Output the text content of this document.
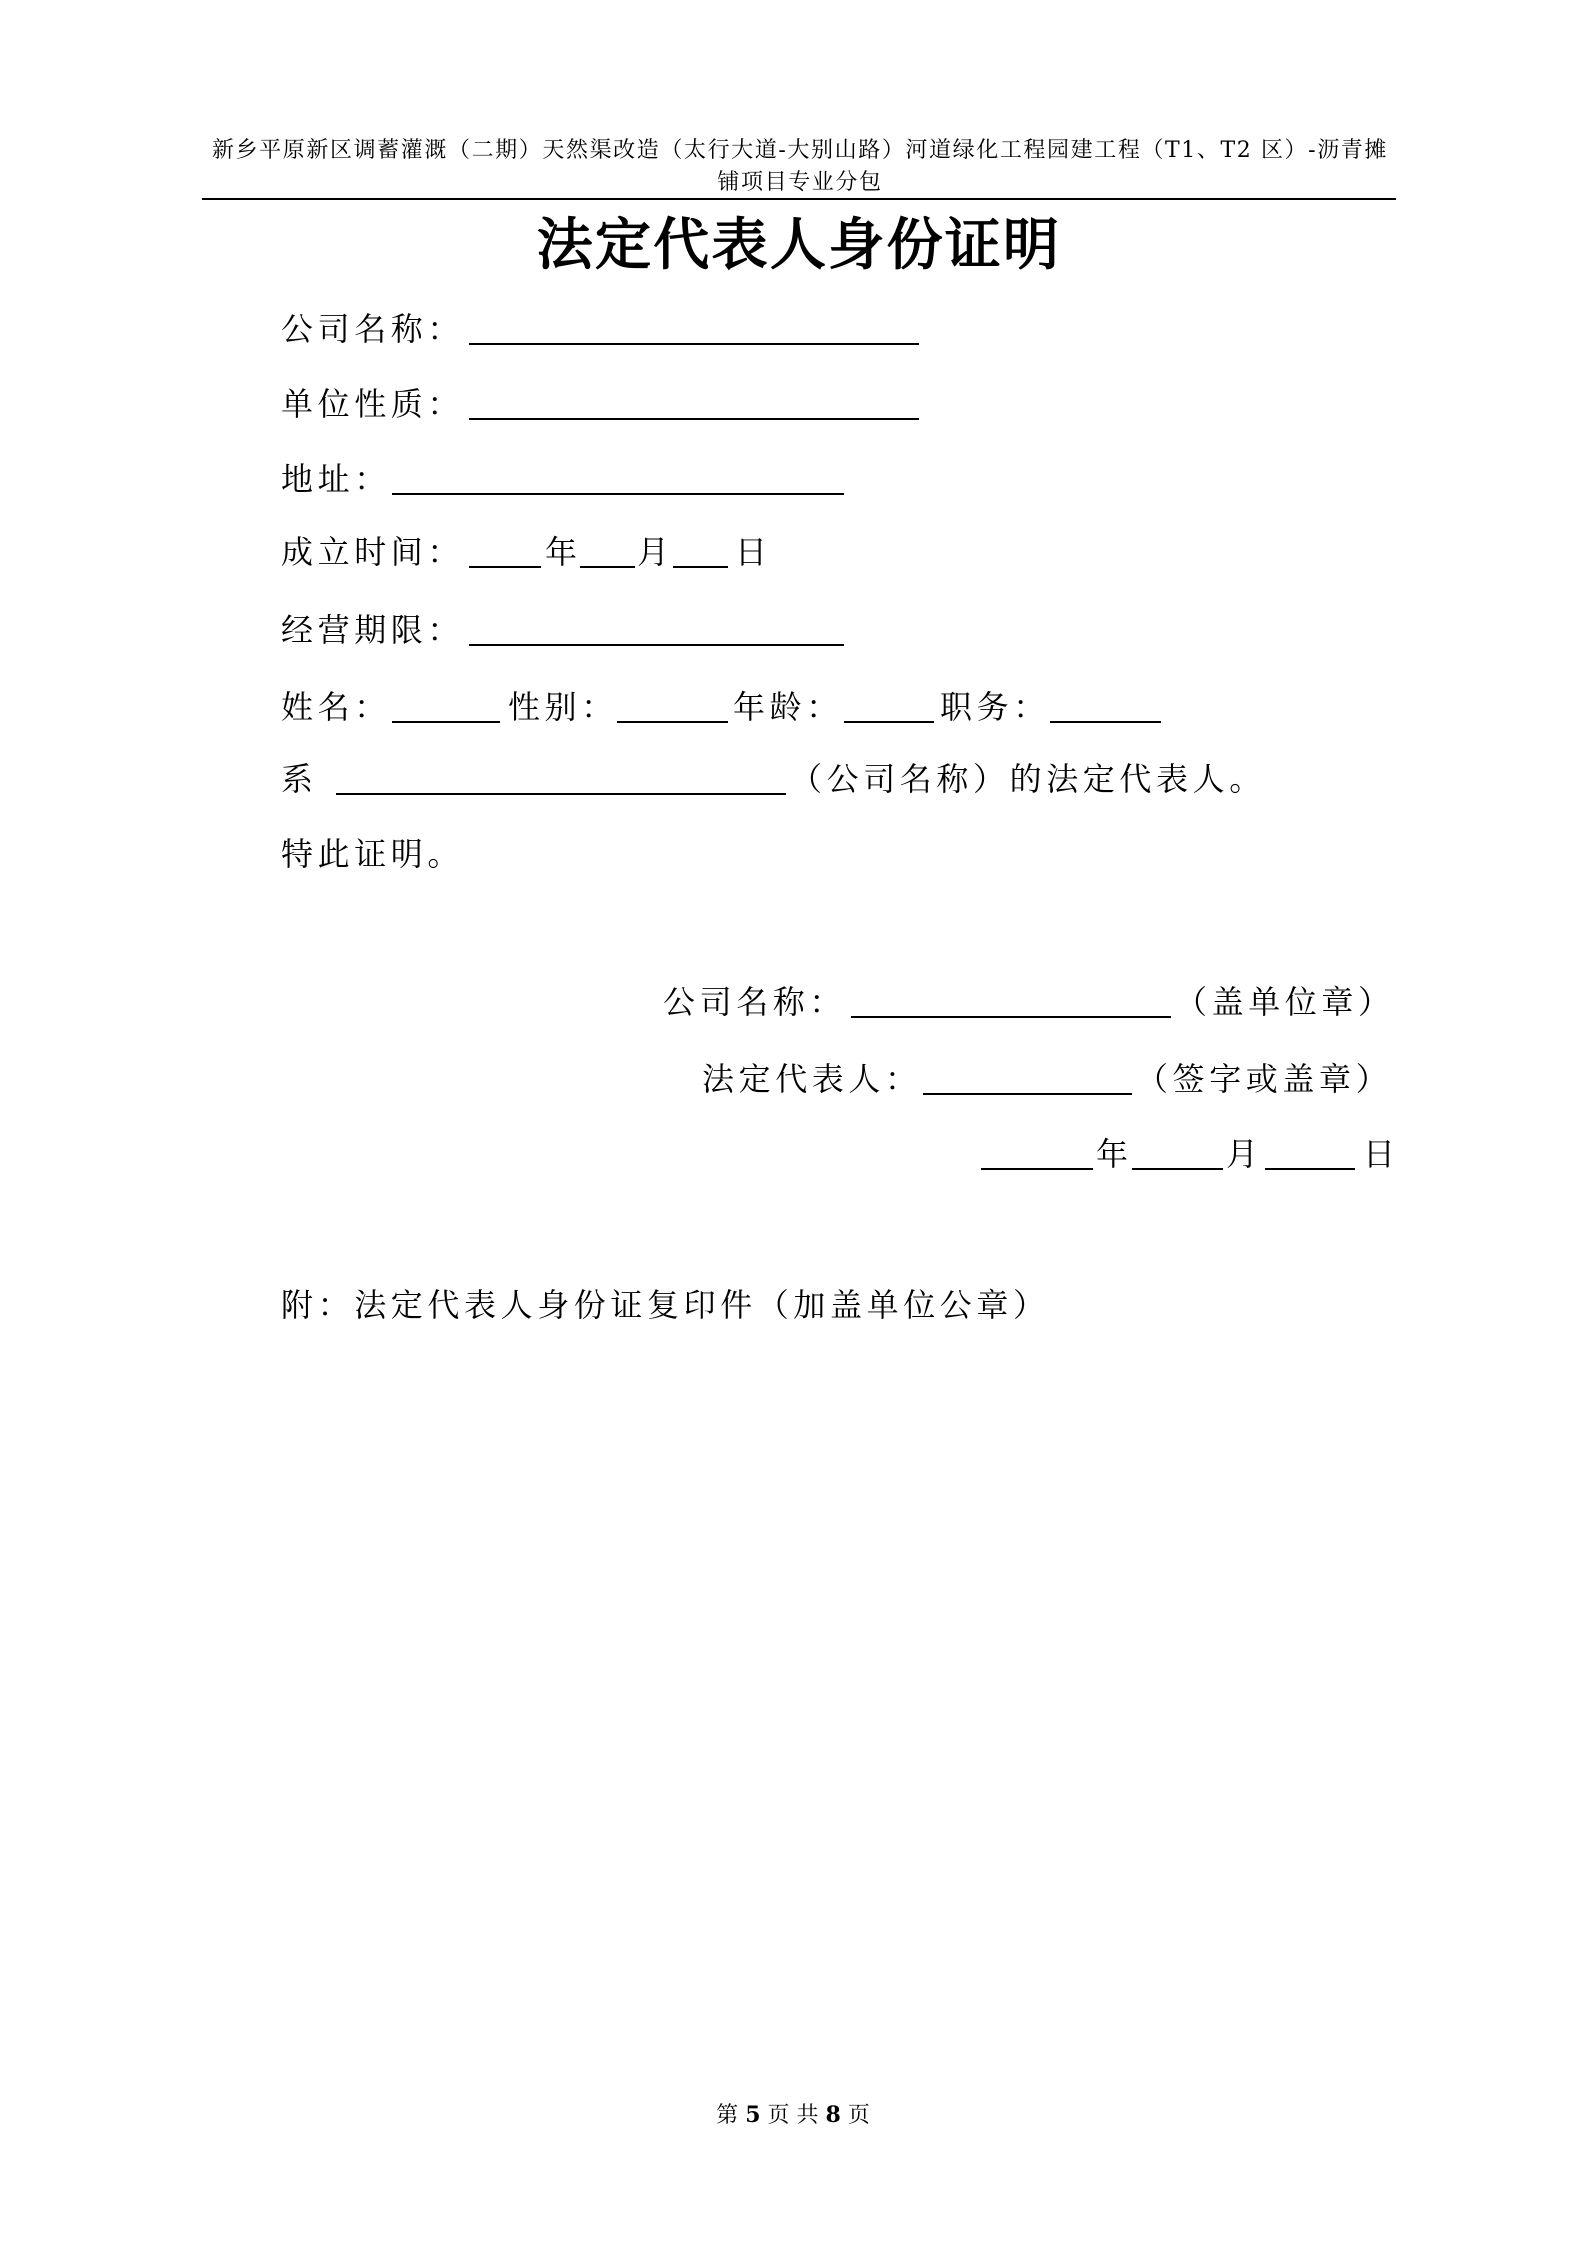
新乡平原新区调蓄灌溉（二期）天然渠改造（太行大道-大别山路）河道绿化工程园建工程（T1、T2 区）-沥青摊
铺项目专业分包
法定代表人身份证明
公司名称：
单位性质：
地址：
成立时间：	年 月 日
经营期限：
姓名：	性别：	年龄：	职务：
系	（公司名称）的法定代表人。
特此证明。
公司名称：	（盖单位章）
法定代表人：	（签字或盖章）
年	月	日
附：法定代表人身份证复印件（加盖单位公章）
第 5 页 共 8 页
